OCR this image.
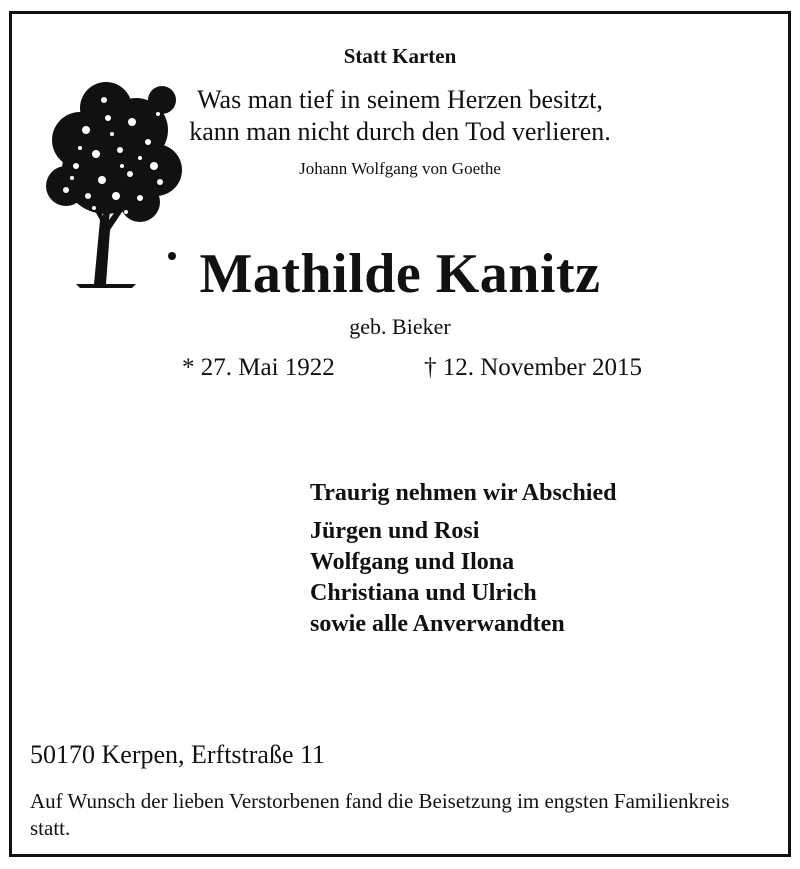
Statt Karten
Was man tief in seinem Herzen besitzt,
kann man nicht durch den Tod verlieren.
Johann Wolfgang von Goethe
Mathilde Kanitz
geb. Bieker
* 27. Mai 1922	† 12. November 2015
Traurig nehmen wir Abschied
Jürgen und Rosi
Wolfgang und Ilona
Christiana und Ulrich
sowie alle Anverwandten
50170 Kerpen, Erftstraße 11
Auf Wunsch der lieben Verstorbenen fand die Beisetzung im engsten Familienkreis statt.
